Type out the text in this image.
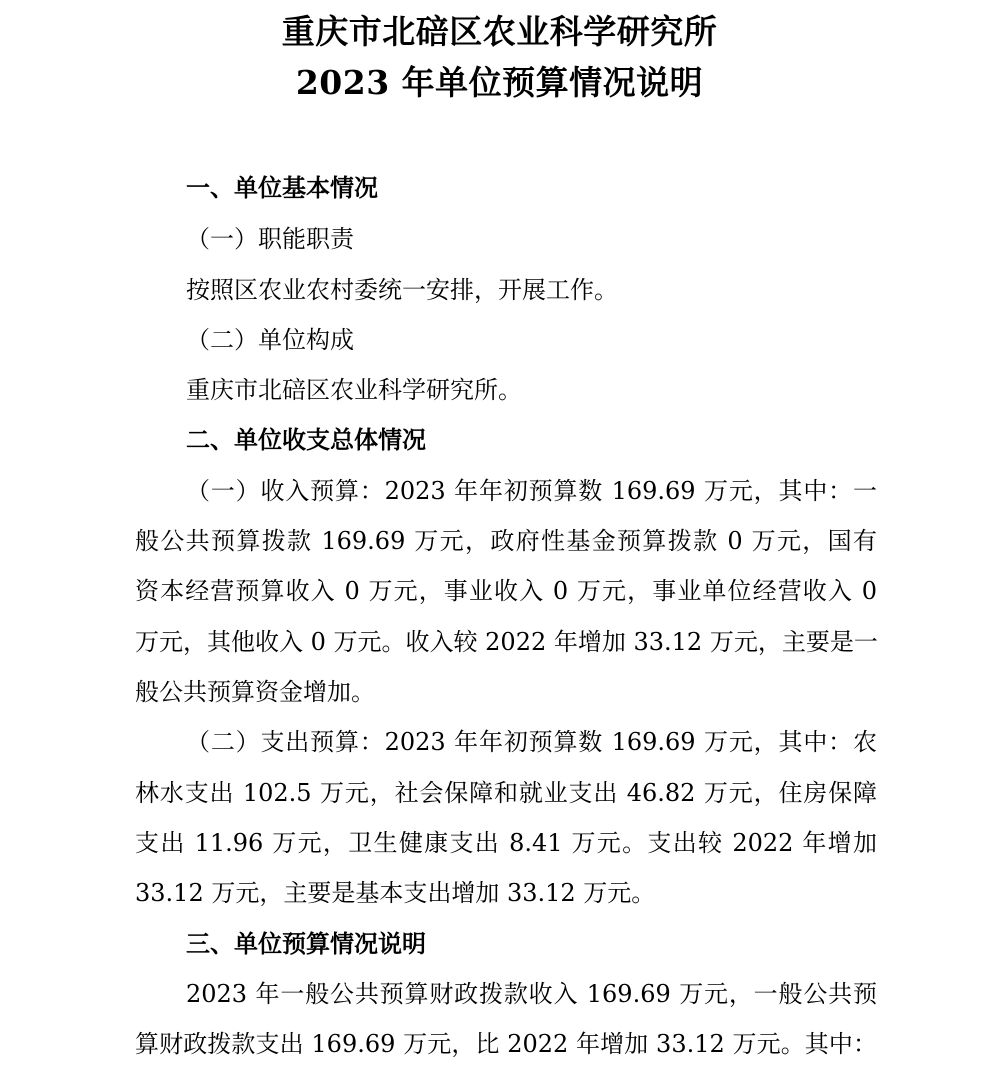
重庆市北碚区农业科学研究所
2023 年单位预算情况说明
一、单位基本情况
（一）职能职责
按照区农业农村委统一安排，开展工作。
（二）单位构成
重庆市北碚区农业科学研究所。
二、单位收支总体情况
（一）收入预算：2023 年年初预算数 169.69 万元，其中：一
般公共预算拨款 169.69 万元，政府性基金预算拨款 0 万元，国有
资本经营预算收入 0 万元，事业收入 0 万元，事业单位经营收入 0
万元，其他收入 0 万元。收入较 2022 年增加 33.12 万元，主要是一
般公共预算资金增加。
（二）支出预算：2023 年年初预算数 169.69 万元，其中：农
林水支出 102.5 万元，社会保障和就业支出 46.82 万元，住房保障
支出 11.96 万元，卫生健康支出 8.41 万元。支出较 2022 年增加
33.12 万元，主要是基本支出增加 33.12 万元。
三、单位预算情况说明
2023 年一般公共预算财政拨款收入 169.69 万元，一般公共预
算财政拨款支出 169.69 万元，比 2022 年增加 33.12 万元。其中：
